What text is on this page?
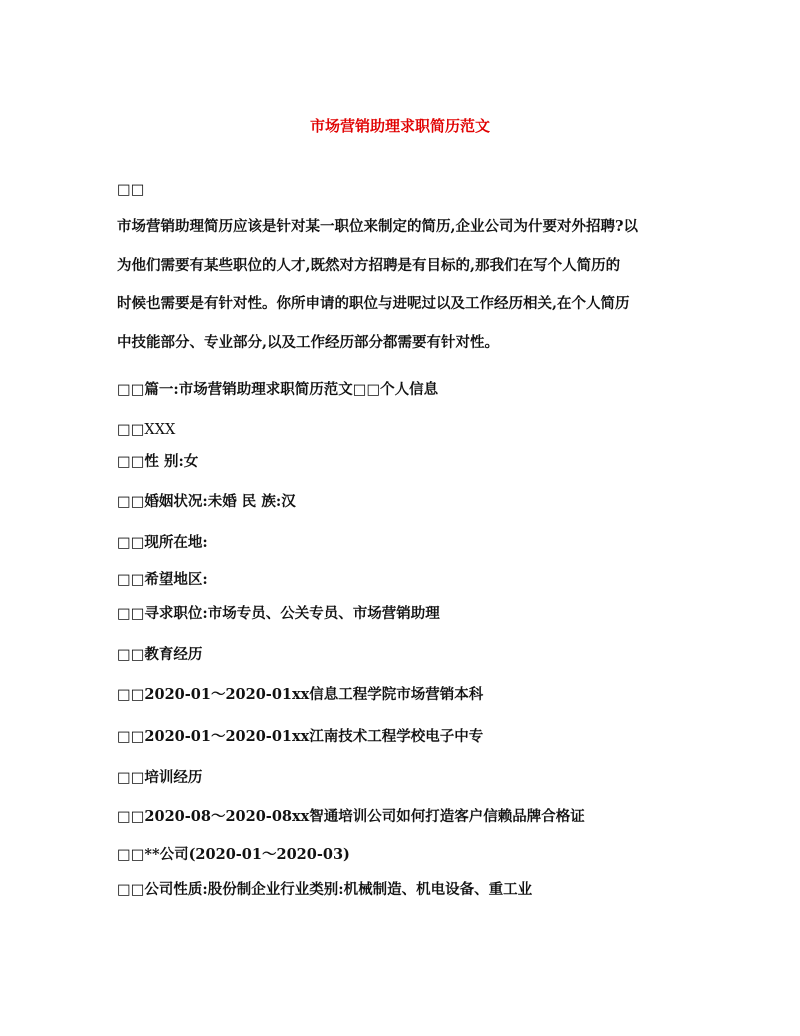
市场营销助理求职简历范文
□□
市场营销助理简历应该是针对某一职位来制定的简历,企业公司为什要对外招聘?以
为他们需要有某些职位的人才,既然对方招聘是有目标的,那我们在写个人简历的
时候也需要是有针对性。你所申请的职位与进呢过以及工作经历相关,在个人简历
中技能部分、专业部分,以及工作经历部分都需要有针对性。
□□篇一:市场营销助理求职简历范文□□个人信息
□□XXX
□□性 别:女
□□婚姻状况:未婚 民 族:汉
□□现所在地:
□□希望地区:
□□寻求职位:市场专员、公关专员、市场营销助理
□□教育经历
□□2020-01～2020-01xx信息工程学院市场营销本科
□□2020-01～2020-01xx江南技术工程学校电子中专
□□培训经历
□□2020-08～2020-08xx智通培训公司如何打造客户信赖品牌合格证
□□**公司(2020-01～2020-03)
□□公司性质:股份制企业行业类别:机械制造、机电设备、重工业
